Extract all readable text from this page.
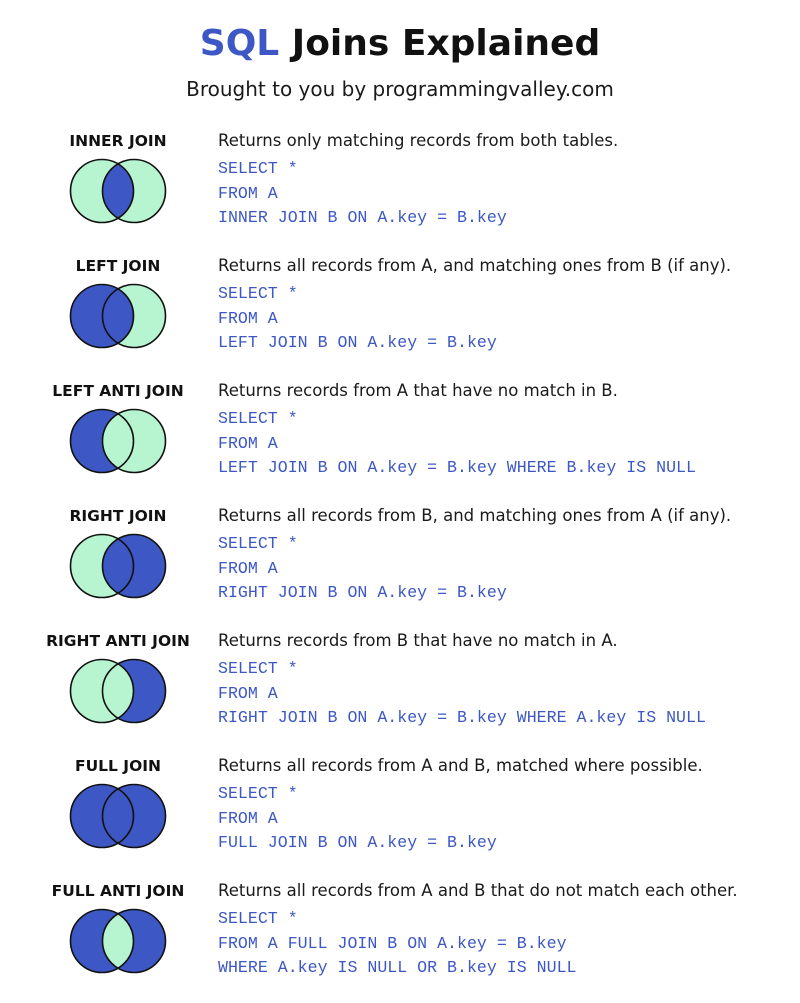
SQL Joins Explained
Brought to you by programmingvalley.com
INNER JOIN	Returns only matching records from both tables.
SELECT *
FROM A
INNER JOIN B ON A.key = B.key
LEFT JOIN	Returns all records from A, and matching ones from B (if any).
SELECT *
FROM A
LEFT JOIN B ON A.key = B.key
LEFT ANTI JOIN	Returns records from A that have no match in B.
SELECT *
FROM A
LEFT JOIN B ON A.key = B.key WHERE B.key IS NULL
RIGHT JOIN	Returns all records from B, and matching ones from A (if any).
SELECT *
FROM A
RIGHT JOIN B ON A.key = B.key
RIGHT ANTI JOIN	Returns records from B that have no match in A.
SELECT *
FROM A
RIGHT JOIN B ON A.key = B.key WHERE A.key IS NULL
FULL JOIN	Returns all records from A and B, matched where possible.
SELECT *
FROM A
FULL JOIN B ON A.key = B.key
FULL ANTI JOIN	Returns all records from A and B that do not match each other.
SELECT *
FROM A FULL JOIN B ON A.key = B.key
WHERE A.key IS NULL OR B.key IS NULL
